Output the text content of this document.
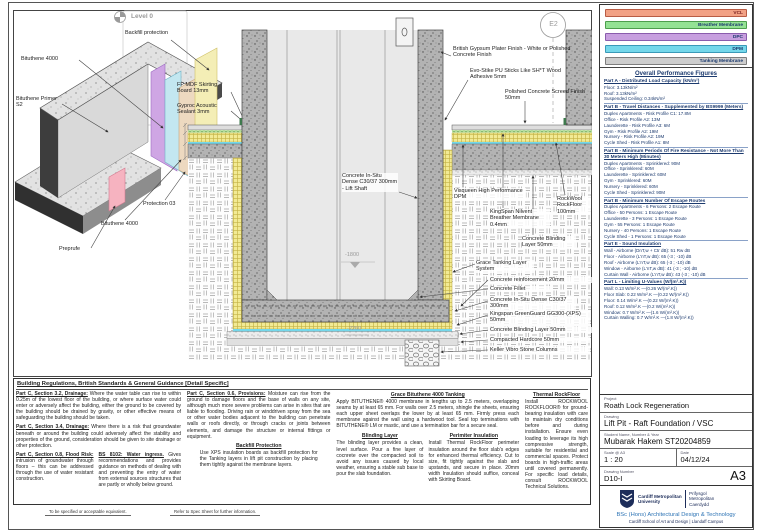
Level 0
Backfill protection
Bituthene 4000
Bituthene Primer S2
Protection 03
Bituthene 4000
Preprufe
FP MDF Skirting Board 13mm
Gyproc Acoustic Sealant 3mm
British Gypsum Plater Finish - White or Polished Concrete Finish
Evo-Stike PU Sticks Like SH*T Wood Adhesive 5mm
Polished Concrete Screed Finish 50mm
Concrete In-Situ Dense C30/37 300mm - Lift Shaft	Visqueen High Performance DPM
KingSpan Nilvent Breather Membrane 0.4mm
RockWool RockFloor 100mm
Concrete Blinding Layer 50mm
Grace Tanking Layer System
Concrete reinforcement 20mm
Concrete Fillet
Concrete In-Situ Dense C30/37 300mm
Kingspan GreenGuard GG300-(XPS) 50mm
Concrete Blinding Layer 50mm
Compacted Hardcore 50mm
Keller Vibro Stone Columns
-1800
-2260
E2
Building Regulations, British Standards & General Guidance [Detail Specific]

Part C, Section 3.2, Drainage: Where the water table can rise to within 0.25m of the lowest floor of the building, or where surface water could enter or adversely affect the building, either the ground to be covered by the building should be drained by gravity, or other effective means of safeguarding the building should be taken.

Part C, Section 3.4, Drainage: Where there is a risk that groundwater beneath or around the building could adversely affect the stability and properties of the ground, consideration should be given to site drainage or other protection.

Part C, Section 0.8, Flood Risk: intrusion of groundwater through floors – this can be addressed through the use of water resistant construction.

BS 8102: Water ingress. Gives recommendations and provides guidance on methods of dealing with and preventing the entry of water from external sources structures that are partly or wholly below ground.

Part C, Section 0.6, Provisions: Moisture can rise from the ground to damage floors and the base of walls on any site, although much more severe problems can arise in sites that are liable to flooding. Driving rain or winddriven spray from the sea or other water bodies adjacent to the building can penetrate walls or roofs directly, or through cracks or joints between elements, and damage the structure or internal fittings or equipment.

Backfill Protection

Use XPS insulation boards as backfill protection for the Tanking layers in lift pit construction by placing them tightly against the membrane layers.

Grace Bituthene 4000 Tanking

Apply BITUTHENE® 4000 membrane in lengths up to 2.5 meters, overlapping seams by at least 65 mm. For walls over 2.5 meters, shingle the sheets, ensuring each upper sheet overlaps the lower by at least 65 mm. Firmly press each membrane against the wall using a hardwood tool. Seal top terminations with BITUTHENE® LM or mastic, and use a termination bar for a secure seal.

Blinding Layer

The blinding layer provides a clean, level surface. Pour a fine layer of cocnrete over the compacted soil to avoid any issues caused by local weather, ensuring a stable sub base to pour the slab foundation.

Perimiter Insulation

Install Thermal RockFloor perimeter insulation around the floor slab's edges for enhanced thermal efficiency. Cut to size, fit tightly against the slab and upstands, and secure in place. 20mm width Insulation should suffice, conceal with Skirting Board.

Thermal RockFloor

Install ROCKWOOL ROCKFLOOR® for ground-bearing insulation with care to maintain dry conditions before and during installation. Ensure even loading to leverage its high compressive strength, suitable for residential and commercial spaces. Protect boards in high-traffic areas until covered permanently. For specific load details, consult ROCKWOOL Technical Solutions.

To be specified or acceptable equivalent.	Refer to Spec Sheet for further information.
VCL
Breather Membrane
DPC
DPM
Tanking Membrane
Overall Performance Figures
Part A - Distributed Load Capacity (kN/m²)
Floor: 3.13kN/m²
Roof: 3.13kN/m²
Suspended Ceiling: 0.34kN/m²
Part B - Travel Distances - Supplemented by BS9999 (Meters)
Duplex Apartments - Risk Profile C1: 17.8M
Office - Risk Profile A2: 13M
Launderette - Risk Profile A3: 6M
Gym - Risk Profile A2: 19M
Nursery - Risk Profile A2: 19M
Cycle Shed - Risk Profile A1: 8M
Part B - Minimum Periods Of Fire Resistance - Not More Than 30 Meters High (Minutes)
Duplex Apartments - Sprinklered: 90M
Office - Sprinklered: 60M
Launderette - Sprinklered: 60M
Gym - Sprinklered: 60M
Nursery - Sprinklered: 60M
Cycle Shed - Sprinklered: 90M
Part B - Minimum Number Of Escape Routes
Duplex Apartments - 6 Persons: 2 Escape Route
Office - 50 Persons: 1 Escape Route
Launderette - 3 Persons: 1 Escape Route
Gym - 55 Persons: 1 Escape Route
Nursery - 40 Persons: 1 Escape Route
Cycle Shed - 1 Persons: 1 Escape Route
Part E - Sound Insulation
Wall - Airborne (DnT,w + Ctr dB): 51 Rw dB
Floor - Airborne (L'nT,w dB): 65 (-3 ; -10) dB
Roof - Airborne (L'nT,w dB): 65 (-3 ; -10) dB
Window - Airborne (L'nT,w dB): 41 (-3 ; -10) dB
Curtain Wall - Airborne (L'nT,w dB): 43 (-3 ; -10) dB
Part L - Limiting U-Values (W/(m².K))
Wall: 0.13 W/m².K —(0.26 W/(m².K))
Floor Slab: 0.22 W/m².K —(0.22 W/(m².K))
Floor: 0.14 W/m².K —(0.22 W/(m².K))
Roof: 0.12 W/m².K —(0.2 W/(m².K))
Window: 0.7 W/m².K —(1.6 W/(m².K))
Curtain Walling: 0.7 W/m².K —(1.8 W/(m².K))
Project
Roath Lock Regeneration
Drawing
Lift Pit - Raft Foundation / VSC
Student Name, Number & Year
Mubarak Hakem ST20204859
Scale @ A3
1 : 20
Date
04/12/24
Drawing Number
D10-I	A3
Cardiff Metropolitan University
Prifysgol Metropolitan Caerdydd
BSc (Hons) Architectural Design & Technology
Cardiff School of Art and Design | Llandaff Campus
